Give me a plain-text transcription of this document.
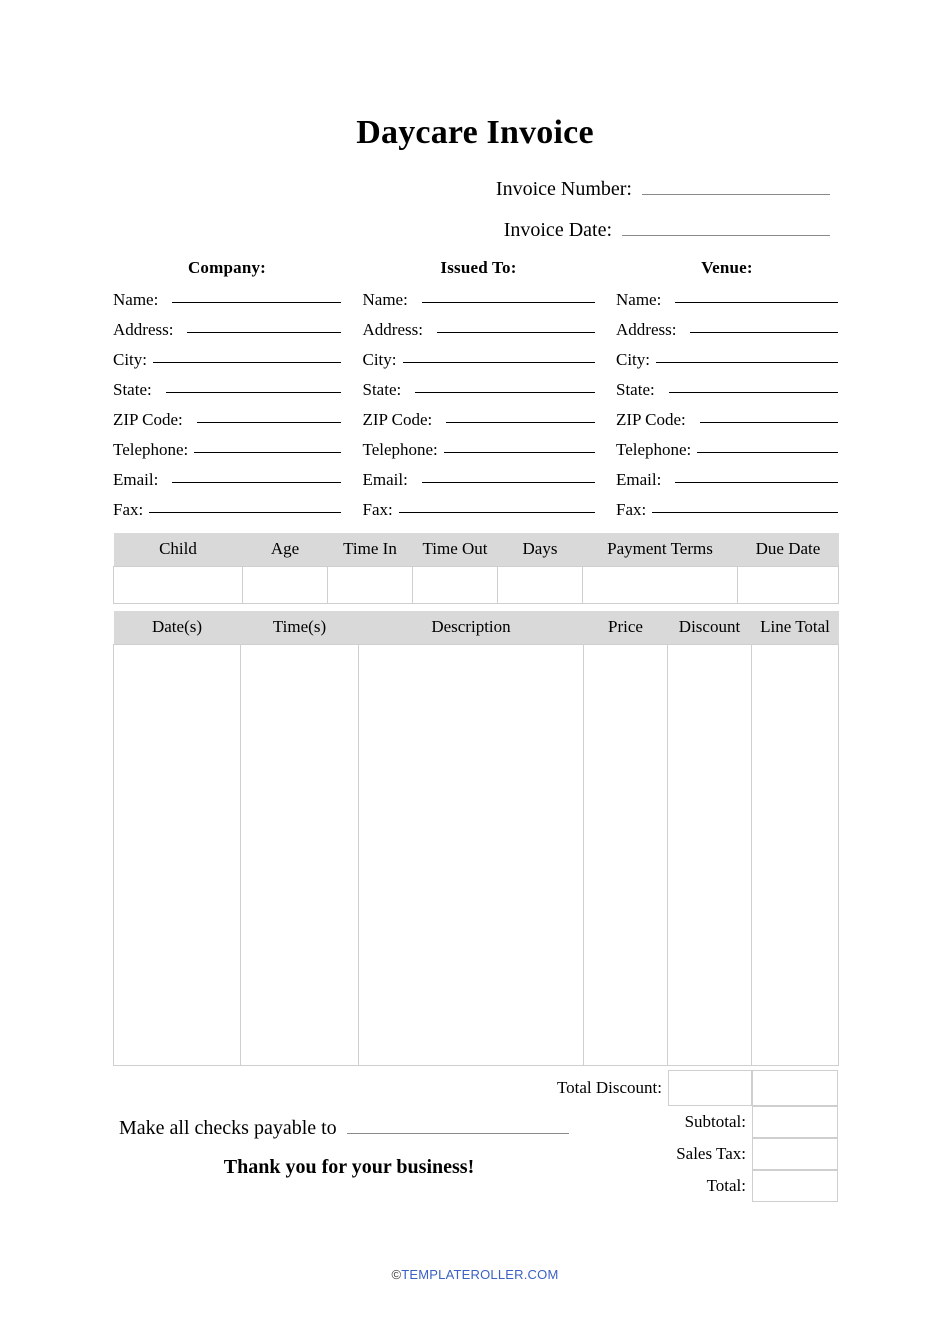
Daycare Invoice
Invoice Number:
Invoice Date:
Company:
Name:
Address:
City:
State:
ZIP Code:
Telephone:
Email:
Fax:
Issued To:
Name:
Address:
City:
State:
ZIP Code:
Telephone:
Email:
Fax:
Venue:
Name:
Address:
City:
State:
ZIP Code:
Telephone:
Email:
Fax:
Child	Age	Time In	Time Out	Days	Payment Terms	Due Date

Date(s)	Time(s)	Description	Price	Discount	Line Total

Total Discount:
Subtotal:
Sales Tax:
Total:
Make all checks payable to
Thank you for your business!
©TEMPLATEROLLER.COM
